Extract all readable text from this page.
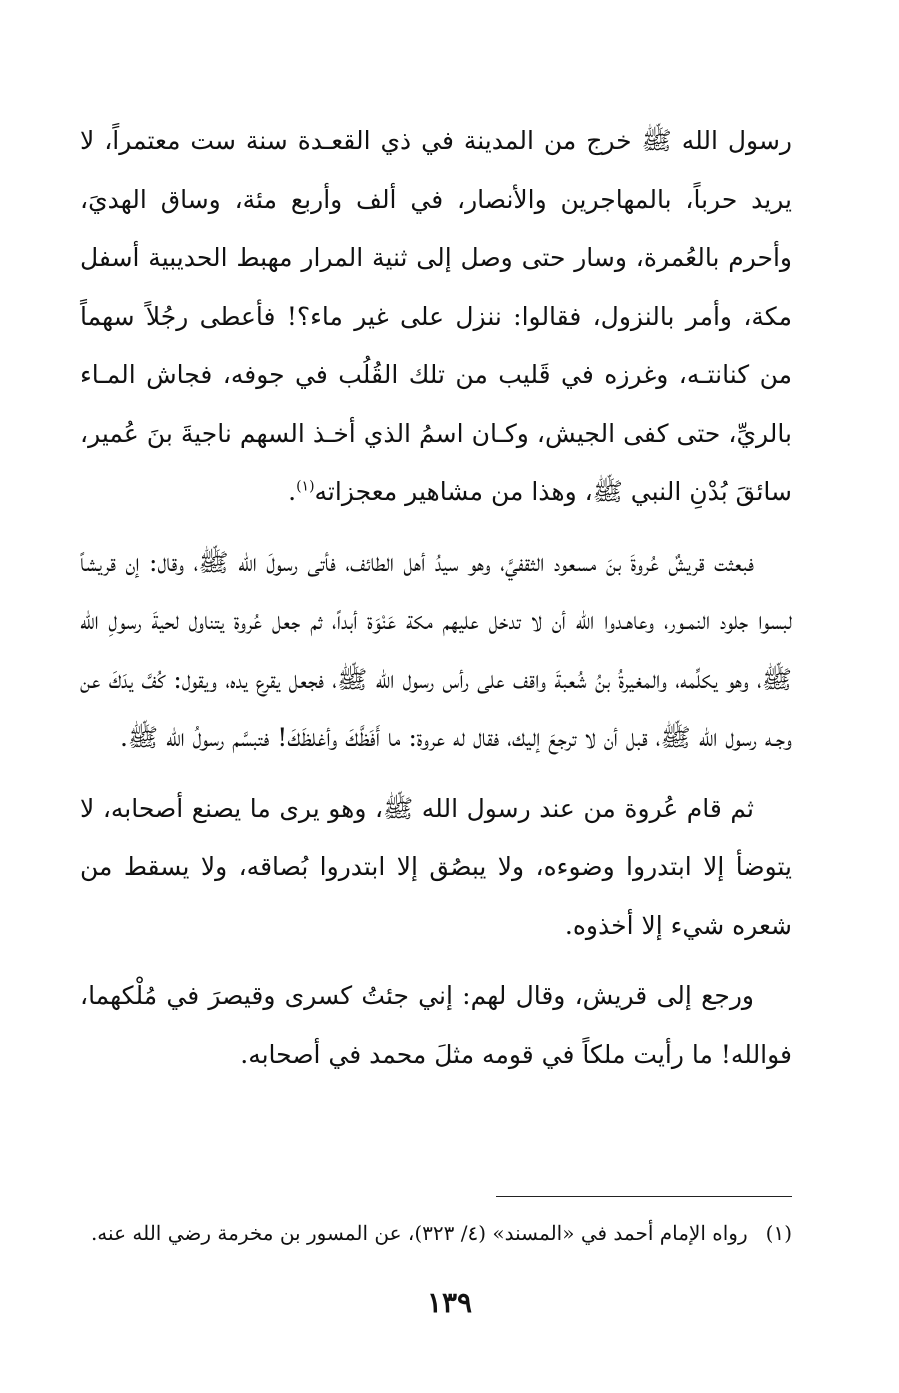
رسول الله ﷺ خرج من المدينة في ذي القعـدة سنة ست معتمراً، لا يريد حرباً، بالمهاجرين والأنصار، في ألف وأربع مئة، وساق الهديَ، وأحرم بالعُمرة، وسار حتى وصل إلى ثنية المرار مهبط الحديبية أسفل مكة، وأمر بالنزول، فقالوا: ننزل على غير ماء؟! فأعطى رجُلاً سهماً من كنانتـه، وغرزه في قَليب من تلك القُلُب في جوفه، فجاش المـاء بالريِّ، حتى كفى الجيش، وكـان اسمُ الذي أخـذ السهم ناجيةَ بنَ عُمير، سائقَ بُدْنِ النبي ﷺ، وهذا من مشاهير معجزاته$^{(١)}$.

فبعثت قريشٌ عُروةَ بنَ مسعود الثقفيَّ، وهو سيدُ أهل الطائف، فأتى رسولَ الله ﷺ، وقال: إن قريشاً لبسوا جلود النمـور، وعاهـدوا الله أن لا تدخل عليهم مكة عَنْوَة أبداً، ثم جعل عُروة يتناول لحيةَ رسولِ الله ﷺ، وهو يكلِّمه، والمغيرةُ بنُ شُعبةَ واقف على رأس رسول الله ﷺ، فجعل يقرع يده، ويقول: كُفَّ يدَكَ عن وجـه رسول الله ﷺ، قبل أن لا ترجعَ إليك، فقال له عروة: ما أَفَظَّكَ وأغلظَكَ! فتبسَّم رسولُ الله ﷺ.

ثم قام عُروة من عند رسول الله ﷺ، وهو يرى ما يصنع أصحابه، لا يتوضأ إلا ابتدروا وضوءه، ولا يبصُق إلا ابتدروا بُصاقه، ولا يسقط من شعره شيء إلا أخذوه.

ورجع إلى قريش، وقال لهم: إني جئتُ كسرى وقيصرَ في مُلْكهما، فوالله! ما رأيت ملكاً في قومه مثلَ محمد في أصحابه.

(١)رواه الإمام أحمد في «المسند» (٤/ ٣٢٣)، عن المسور بن مخرمة رضي الله عنه.
١٣٩
